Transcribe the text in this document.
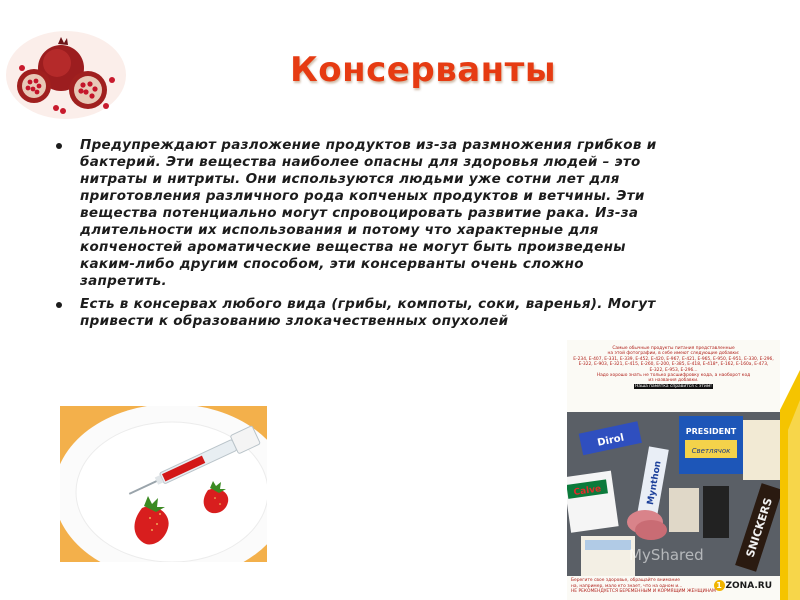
Консерванты
Предупреждают разложение продуктов из-за размножения грибков и бактерий. Эти вещества наиболее опасны для здоровья людей – это нитраты и нитриты. Они используются людьми уже сотни лет для приготовления различного рода копченых продуктов и ветчины. Эти вещества потенциально могут спровоцировать развитие рака. Из-за длительности их использования и потому что характерные для копченостей ароматические вещества не могут быть произведены каким-либо другим способом, эти консерванты очень сложно запретить.
Есть в консервах любого вида (грибы, компоты, соки, варенья). Могут привести к образованию злокачественных опухолей
Самые обычные продукты питания представленные
на этой фотографии, в себе имеют следующие добавки:
Е-234, Е-407, Е-331, Е-339, Е-452, Е-420, Е-967, Е-421, Е-965, Е-950, Е-951, Е-330, Е-296, Е-322, Е-903, Е-321, Е-415, Е-260, Е-200, Е-385, Е-418, Е-418*, Е-162, Е-160а, Е-473, Е-322, Е-953, Е-296...
Надо хорошо знать не только расшифровку кода, а наоборот код
из названия добавки.
Наша памятка справится с этим!
Dirol
Mynthon
PRESIDENT
Светлячок
Calve
SNICKERS
MyShared
Берегите свое здоровье, обращайте внимание
на, например, мало кто знает, что на одном и...
НЕ РЕКОМЕНДУЕТСЯ БЕРЕМЕННЫМ И КОРМЯЩИМ ЖЕНЩИНАМ
1 ZONA.RU
